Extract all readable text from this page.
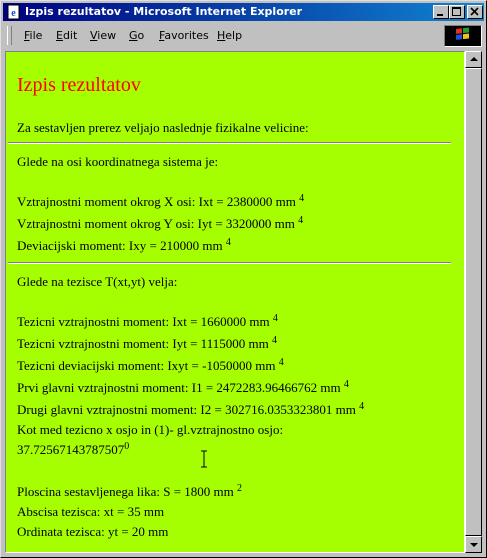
e Izpis rezultatov - Microsoft Internet Explorer
File Edit View Go Favorites Help
Izpis rezultatov
Za sestavljen prerez veljajo naslednje fizikalne velicine:
Glede na osi koordinatnega sistema je:
Vztrajnostni moment okrog X osi: Ixt = 2380000 mm $^4$
Vztrajnostni moment okrog Y osi: Iyt = 3320000 mm $^4$
Deviacijski moment: Ixy = 210000 mm $^4$
Glede na tezisce T(xt,yt) velja:
Tezicni vztrajnostni moment: Ixt = 1660000 mm $^4$
Tezicni vztrajnostni moment: Iyt = 1115000 mm $^4$
Tezicni deviacijski moment: Ixyt = -1050000 mm $^4$
Prvi glavni vztrajnostni moment: I1 = 2472283.96466762 mm $^4$
Drugi glavni vztrajnostni moment: I2 = 302716.0353323801 mm $^4$
Kot med tezicno x osjo in (1)- gl.vztrajnostno osjo:
37.72567143787507$^0$
Ploscina sestavljenega lika: S = 1800 mm $^2$
Abscisa tezisca: xt = 35 mm
Ordinata tezisca: yt = 20 mm
